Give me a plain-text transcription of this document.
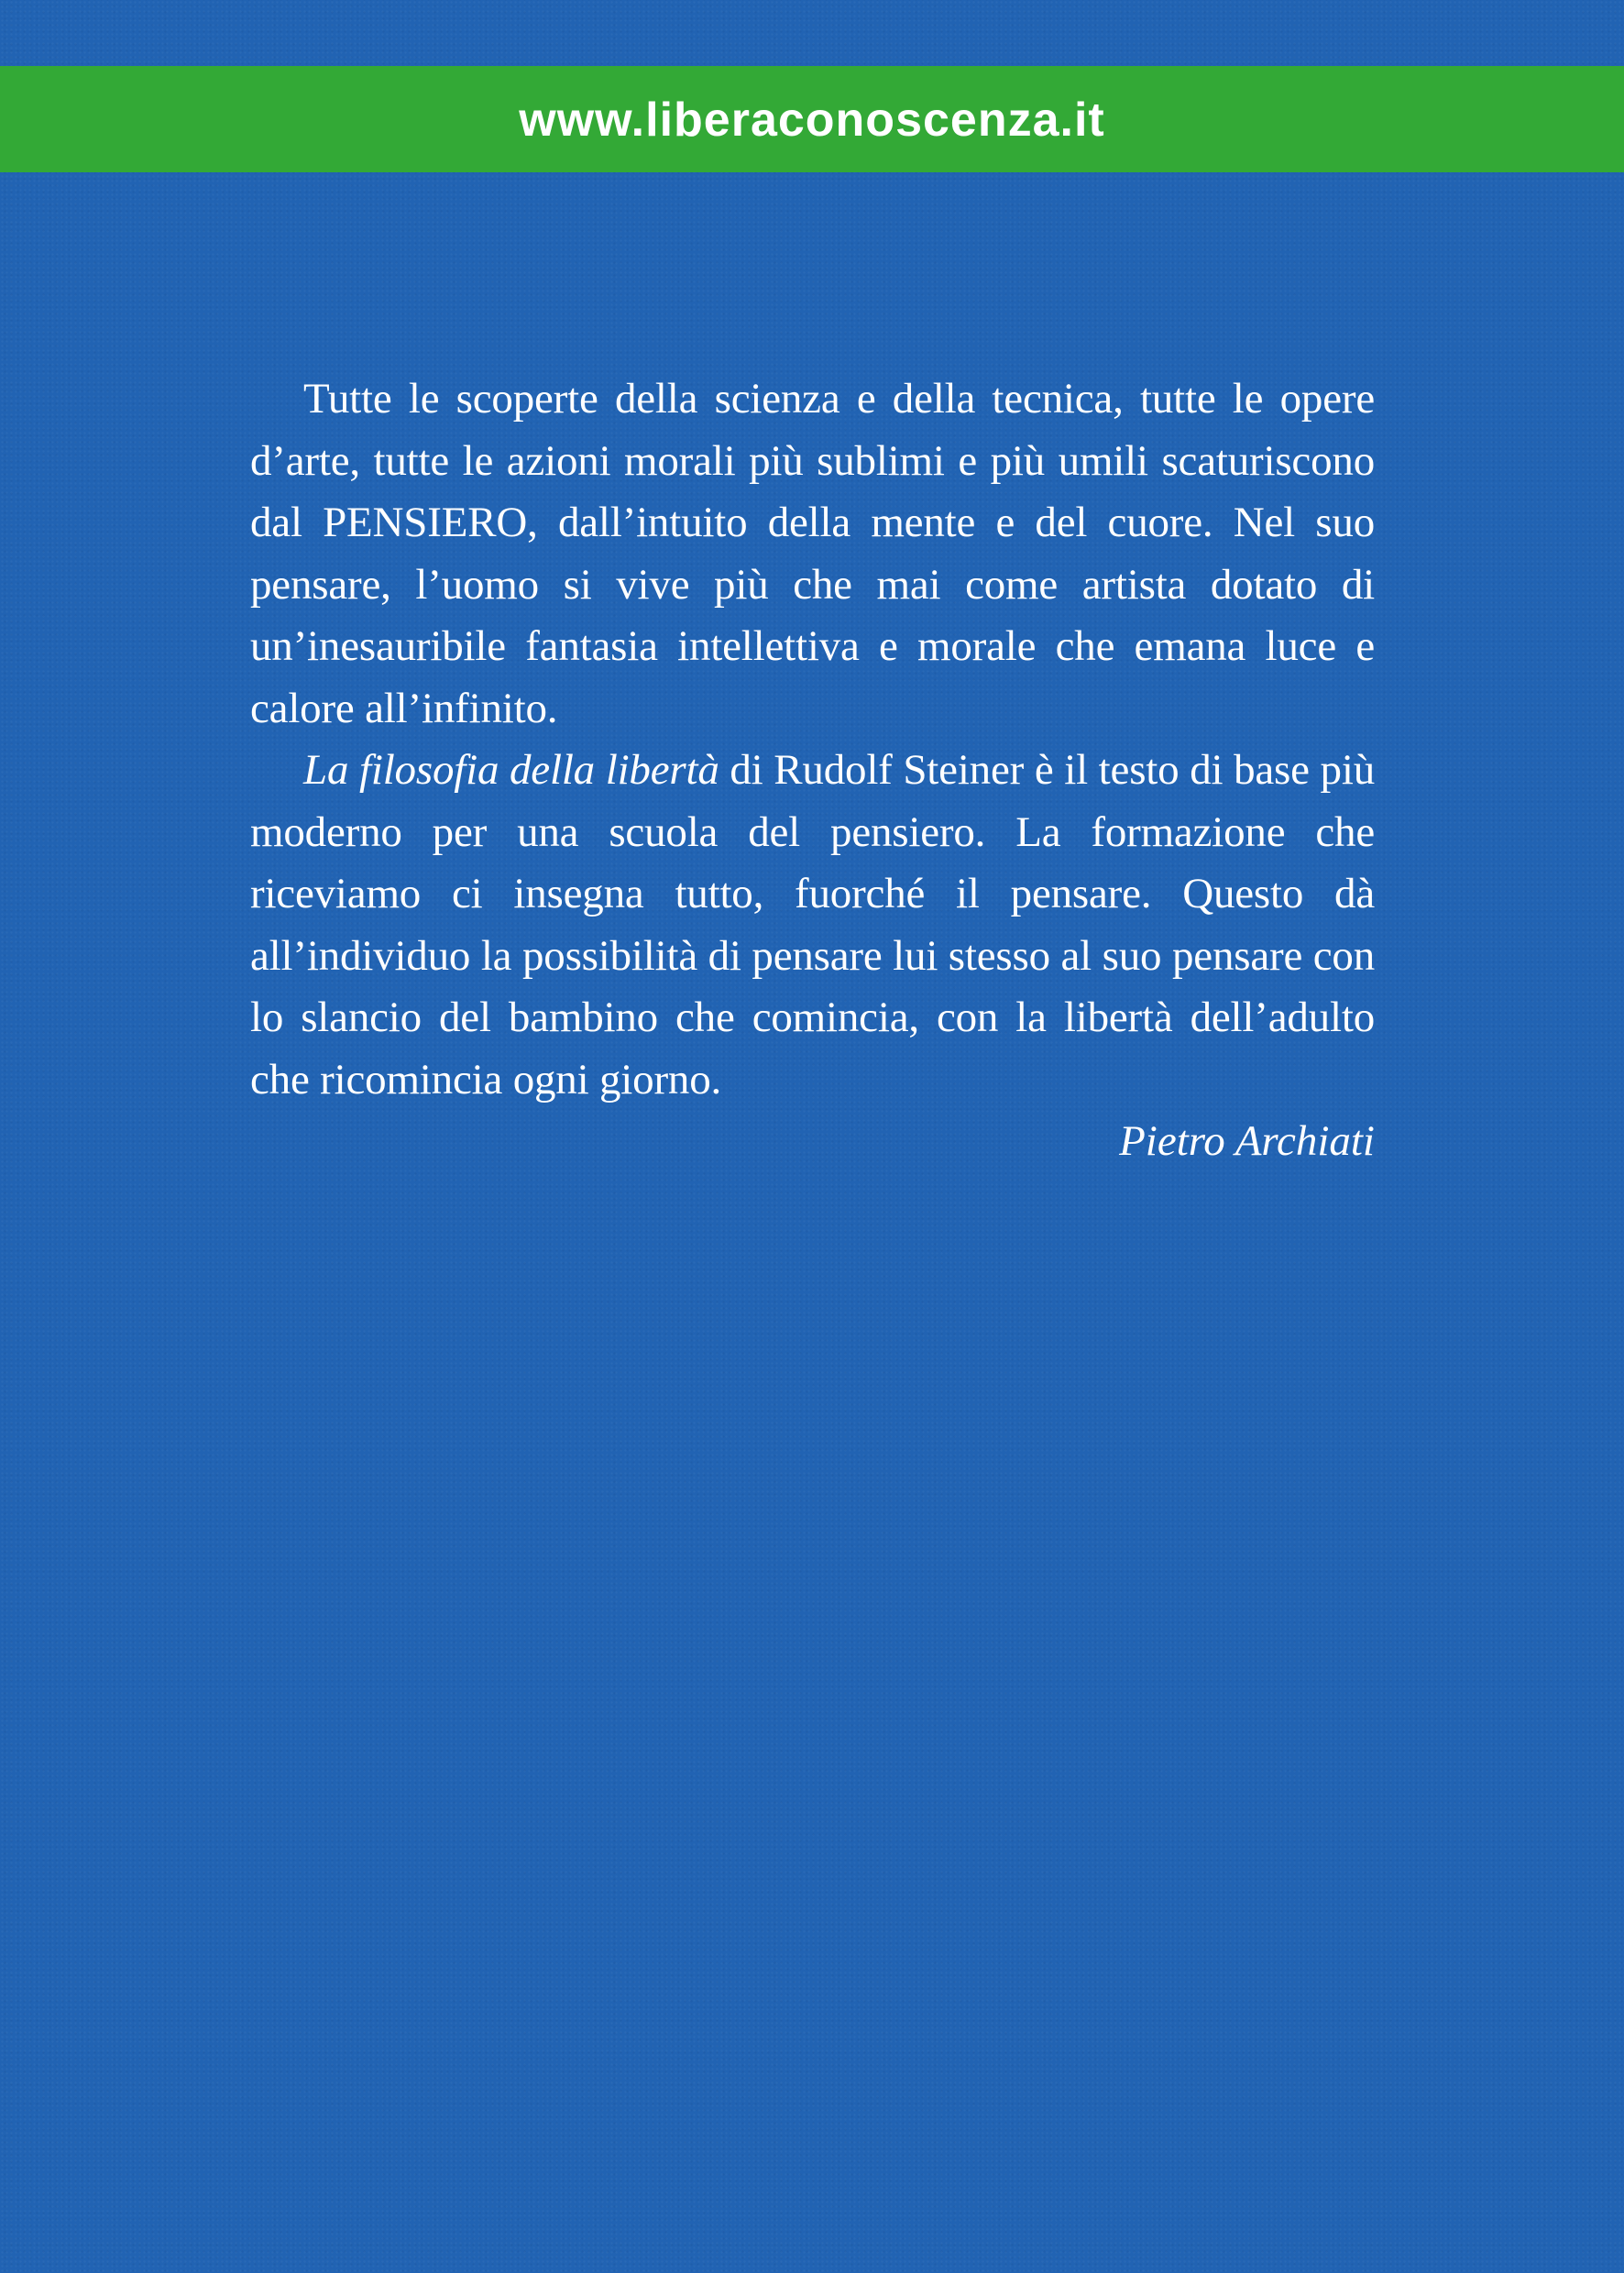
www.liberaconoscenza.it

Tutte le scoperte della scienza e della tecnica, tutte le opere d’arte, tutte le azioni morali più sublimi e più umili scaturiscono dal PENSIERO, dall’intuito della mente e del cuore. Nel suo pensare, l’uomo si vive più che mai come artista dotato di un’inesauribile fantasia intellettiva e morale che emana luce e calore all’infinito.

La filosofia della libertà di Rudolf Steiner è il testo di base più moderno per una scuola del pensiero. La formazione che riceviamo ci insegna tutto, fuorché il pensare. Questo dà all’individuo la possibilità di pensare lui stesso al suo pensare con lo slancio del bambino che comincia, con la libertà dell’adulto che ricomincia ogni giorno.

Pietro Archiati
